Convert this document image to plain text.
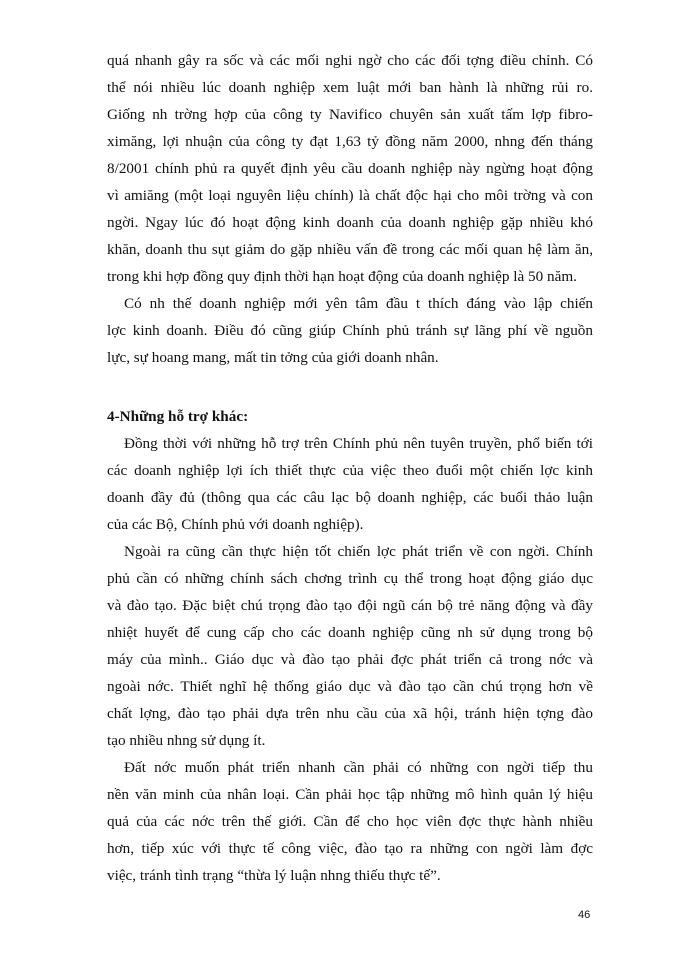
quá nhanh gây ra sốc và các mối nghi ngờ cho các đối tợng điều chỉnh. Có
thể nói nhiều lúc doanh nghiệp xem luật mới ban hành là những rủi ro.
Giống nh trờng hợp của công ty Navifico chuyên sản xuất tấm lợp fibro-
ximăng, lợi nhuận của công ty đạt 1,63 tỷ đồng năm 2000, nhng đến tháng
8/2001 chính phủ ra quyết định yêu cầu doanh nghiệp này ngừng hoạt động
vì amiăng (một loại nguyên liệu chính) là chất độc hại cho môi trờng và con
ngời. Ngay lúc đó hoạt động kinh doanh của doanh nghiệp gặp nhiều khó
khăn, doanh thu sụt giảm do gặp nhiều vấn đề trong các mối quan hệ làm ăn,
trong khi hợp đồng quy định thời hạn hoạt động của doanh nghiệp là 50 năm.
Có nh thế doanh nghiệp mới yên tâm đầu t thích đáng vào lập chiến
lợc kinh doanh. Điều đó cũng giúp Chính phủ tránh sự lãng phí về nguồn
lực, sự hoang mang, mất tin tởng của giới doanh nhân.
4-Những hỗ trợ khác:
Đồng thời với những hỗ trợ trên Chính phủ nên tuyên truyền, phổ biến tới
các doanh nghiệp lợi ích thiết thực của việc theo đuổi một chiến lợc kinh
doanh đầy đủ (thông qua các câu lạc bộ doanh nghiệp, các buổi thảo luận
của các Bộ, Chính phủ với doanh nghiệp).
Ngoài ra cũng cần thực hiện tốt chiến lợc phát triển về con ngời. Chính
phủ cần có những chính sách chơng trình cụ thể trong hoạt động giáo dục
và đào tạo. Đặc biệt chú trọng đào tạo đội ngũ cán bộ trẻ năng động và đầy
nhiệt huyết để cung cấp cho các doanh nghiệp cũng nh sử dụng trong bộ
máy của mình.. Giáo dục và đào tạo phải đợc phát triển cả trong nớc và
ngoài nớc. Thiết nghĩ hệ thống giáo dục và đào tạo cần chú trọng hơn về
chất lợng, đào tạo phải dựa trên nhu cầu của xã hội, tránh hiện tợng đào
tạo nhiều nhng sử dụng ít.
Đất nớc muốn phát triển nhanh cần phải có những con ngời tiếp thu
nền văn minh của nhân loại. Cần phải học tập những mô hình quản lý hiệu
quả của các nớc trên thế giới. Cần để cho học viên đợc thực hành nhiều
hơn, tiếp xúc với thực tế công việc, đào tạo ra những con ngời làm đợc
việc, tránh tình trạng “thừa lý luận nhng thiếu thực tế”.
46
